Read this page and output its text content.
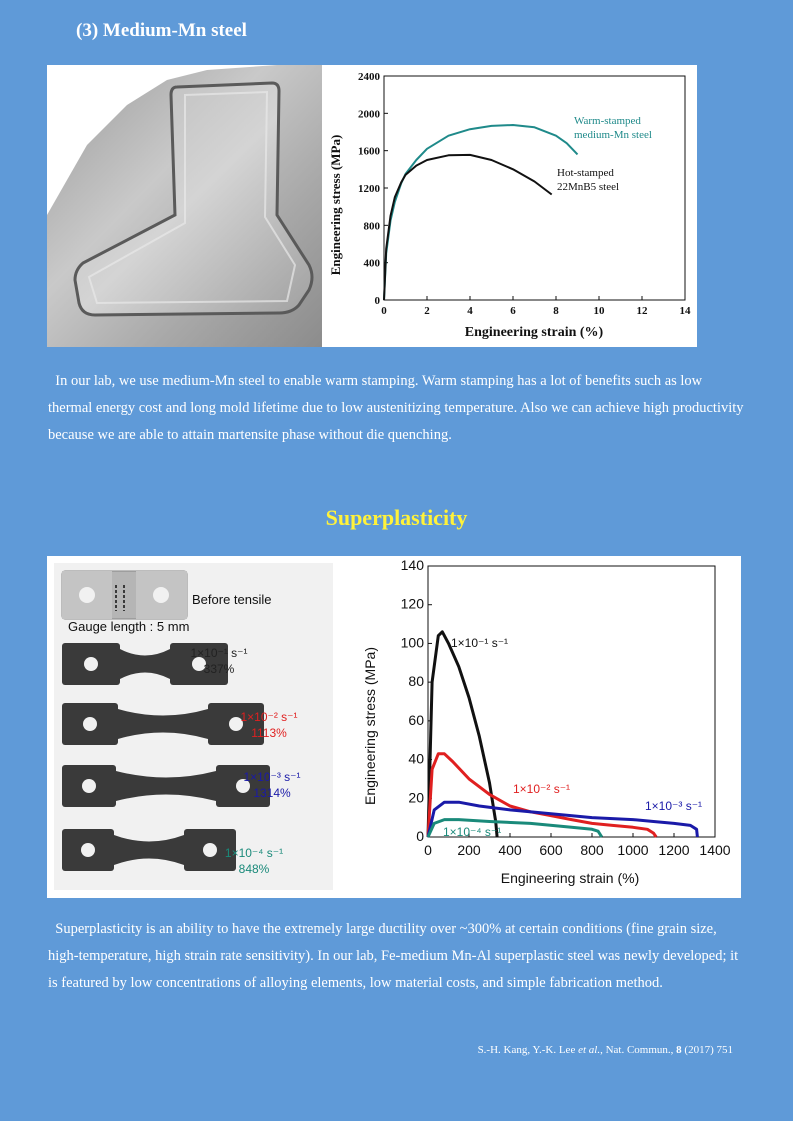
(3) Medium-Mn steel
0	2	4	6	8	10	12	14
0
400
800
1200
1600
2000
2400
Engineering stress (MPa)
Engineering strain (%)
Warm-stamped medium-Mn steel
Hot-stamped 22MnB5 steel

In our lab, we use medium-Mn steel to enable warm stamping. Warm stamping has a lot of benefits such as low thermal energy cost and long mold lifetime due to low austenitizing temperature. Also we can achieve high productivity because we are able to attain martensite phase without die quenching.

Superplasticity
Before tensile
Gauge length : 5 mm
1×10⁻¹ s⁻¹
337%
1×10⁻² s⁻¹
1113%
1×10⁻³ s⁻¹
1314%
1×10⁻⁴ s⁻¹
848%
0 200 400 600 800 1000 1200 1400
0
20
40
60
80
100
120
140
Engineering stress (MPa)
Engineering strain (%)
1×10⁻¹ s⁻¹
1×10⁻² s⁻¹
1×10⁻³ s⁻¹
1×10⁻⁴ s⁻¹

Superplasticity is an ability to have the extremely large ductility over ~300% at certain conditions (fine grain size, high-temperature, high strain rate sensitivity). In our lab, Fe-medium Mn-Al superplastic steel was newly developed; it is featured by low concentrations of alloying elements, low material costs, and simple fabrication method.

S.-H. Kang, Y.-K. Lee et al., Nat. Commun., 8 (2017) 751
